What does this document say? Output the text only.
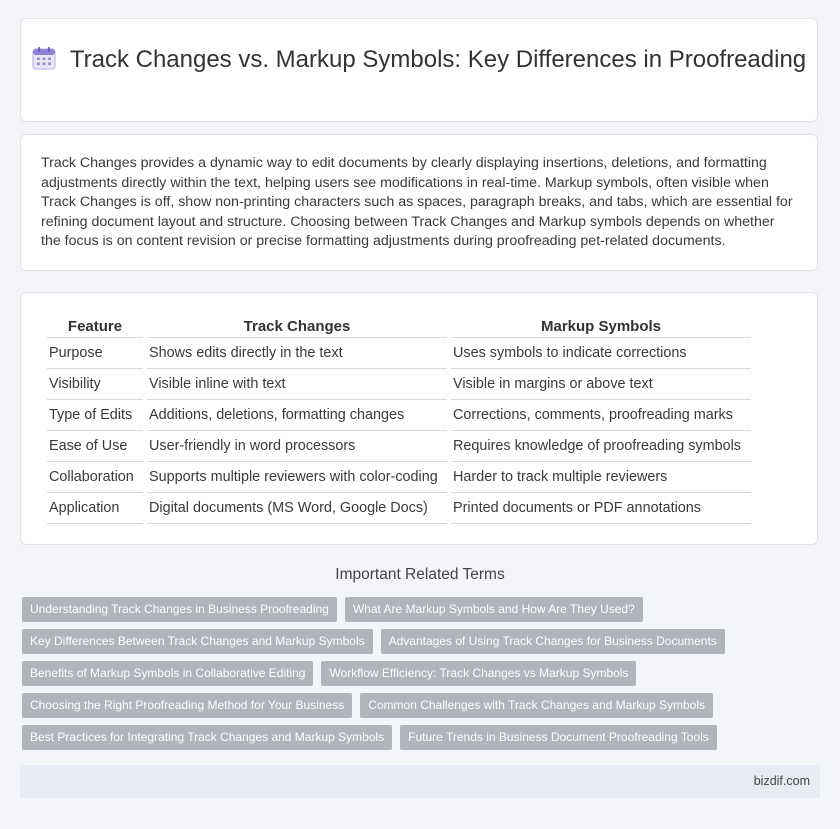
Track Changes vs. Markup Symbols: Key Differences in Proofreading
Track Changes provides a dynamic way to edit documents by clearly displaying insertions, deletions, and formatting adjustments directly within the text, helping users see modifications in real-time. Markup symbols, often visible when Track Changes is off, show non-printing characters such as spaces, paragraph breaks, and tabs, which are essential for refining document layout and structure. Choosing between Track Changes and Markup symbols depends on whether the focus is on content revision or precise formatting adjustments during proofreading pet-related documents.
Feature	Track Changes	Markup Symbols
Purpose	Shows edits directly in the text	Uses symbols to indicate corrections
Visibility	Visible inline with text	Visible in margins or above text
Type of Edits	Additions, deletions, formatting changes	Corrections, comments, proofreading marks
Ease of Use	User-friendly in word processors	Requires knowledge of proofreading symbols
Collaboration	Supports multiple reviewers with color-coding	Harder to track multiple reviewers
Application	Digital documents (MS Word, Google Docs)	Printed documents or PDF annotations
Important Related Terms
Understanding Track Changes in Business Proofreading	What Are Markup Symbols and How Are They Used?
Key Differences Between Track Changes and Markup Symbols	Advantages of Using Track Changes for Business Documents
Benefits of Markup Symbols in Collaborative Editing	Workflow Efficiency: Track Changes vs Markup Symbols
Choosing the Right Proofreading Method for Your Business	Common Challenges with Track Changes and Markup Symbols
Best Practices for Integrating Track Changes and Markup Symbols	Future Trends in Business Document Proofreading Tools
bizdif.com
